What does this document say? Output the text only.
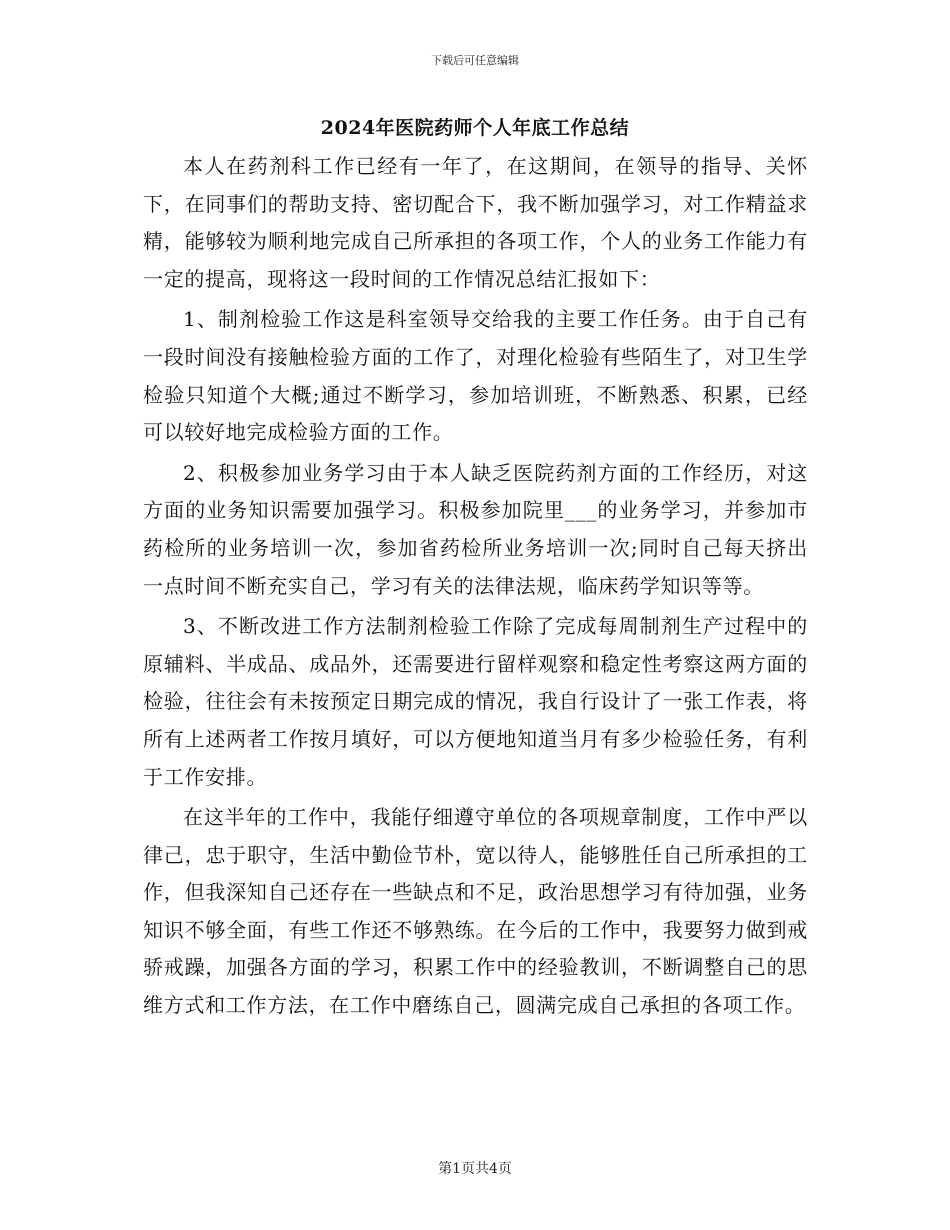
下载后可任意编辑
2024年医院药师个人年底工作总结

本人在药剂科工作已经有一年了，在这期间，在领导的指导、关怀下，在同事们的帮助支持、密切配合下，我不断加强学习，对工作精益求精，能够较为顺利地完成自己所承担的各项工作，个人的业务工作能力有一定的提高，现将这一段时间的工作情况总结汇报如下：

1、制剂检验工作这是科室领导交给我的主要工作任务。由于自己有一段时间没有接触检验方面的工作了，对理化检验有些陌生了，对卫生学检验只知道个大概;通过不断学习，参加培训班，不断熟悉、积累，已经可以较好地完成检验方面的工作。

2、积极参加业务学习由于本人缺乏医院药剂方面的工作经历，对这方面的业务知识需要加强学习。积极参加院里___的业务学习，并参加市药检所的业务培训一次，参加省药检所业务培训一次;同时自己每天挤出一点时间不断充实自己，学习有关的法律法规，临床药学知识等等。

3、不断改进工作方法制剂检验工作除了完成每周制剂生产过程中的原辅料、半成品、成品外，还需要进行留样观察和稳定性考察这两方面的检验，往往会有未按预定日期完成的情况，我自行设计了一张工作表，将所有上述两者工作按月填好，可以方便地知道当月有多少检验任务，有利于工作安排。

在这半年的工作中，我能仔细遵守单位的各项规章制度，工作中严以律己，忠于职守，生活中勤俭节朴，宽以待人，能够胜任自己所承担的工作，但我深知自己还存在一些缺点和不足，政治思想学习有待加强，业务知识不够全面，有些工作还不够熟练。在今后的工作中，我要努力做到戒骄戒躁，加强各方面的学习，积累工作中的经验教训，不断调整自己的思维方式和工作方法，在工作中磨练自己，圆满完成自己承担的各项工作。

第1页共4页
